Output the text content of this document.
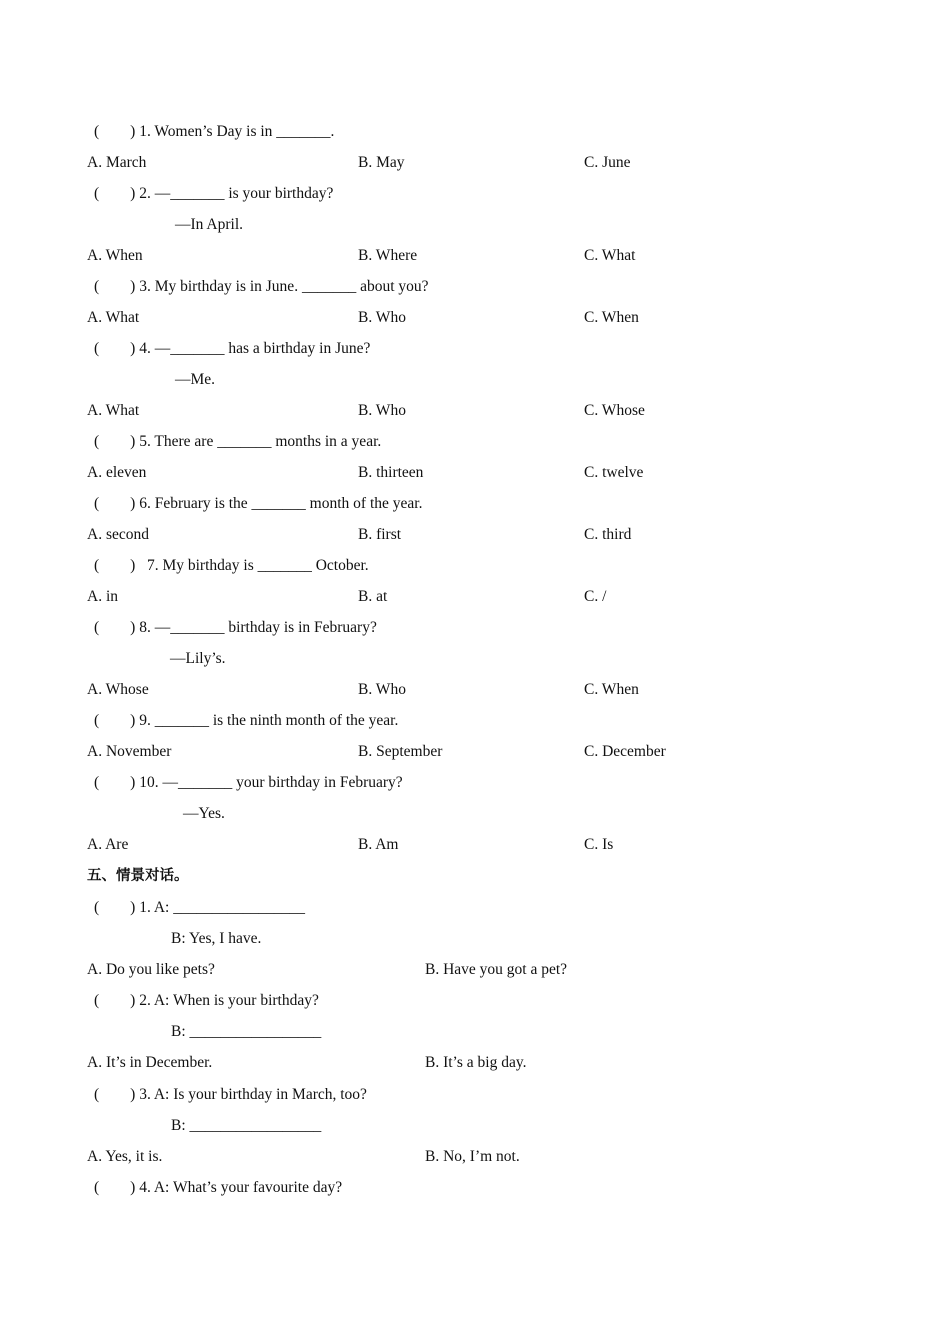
(        ) 1. Women’s Day is in _______.
A. March	B. May	C. June
(        ) 2. —_______ is your birthday?
—In April.
A. When	B. Where	C. What
(        ) 3. My birthday is in June. _______ about you?
A. What	B. Who	C. When
(        ) 4. —_______ has a birthday in June?
—Me.
A. What	B. Who	C. Whose
(        ) 5. There are _______ months in a year.
A. eleven	B. thirteen	C. twelve
(        ) 6. February is the _______ month of the year.
A. second	B. first	C. third
(        )   7. My birthday is _______ October.
A. in	B. at	C. /
(        ) 8. —_______ birthday is in February?
—Lily’s.
A. Whose	B. Who	C. When
(        ) 9. _______ is the ninth month of the year.
A. November	B. September	C. December
(        ) 10. —_______ your birthday in February?
—Yes.
A. Are	B. Am	C. Is
五、情景对话。
(        ) 1. A: _________________
B: Yes, I have.
A. Do you like pets?	B. Have you got a pet?
(        ) 2. A: When is your birthday?
B: _________________
A. It’s in December.	B. It’s a big day.
(        ) 3. A: Is your birthday in March, too?
B: _________________
A. Yes, it is.	B. No, I’m not.
(        ) 4. A: What’s your favourite day?
